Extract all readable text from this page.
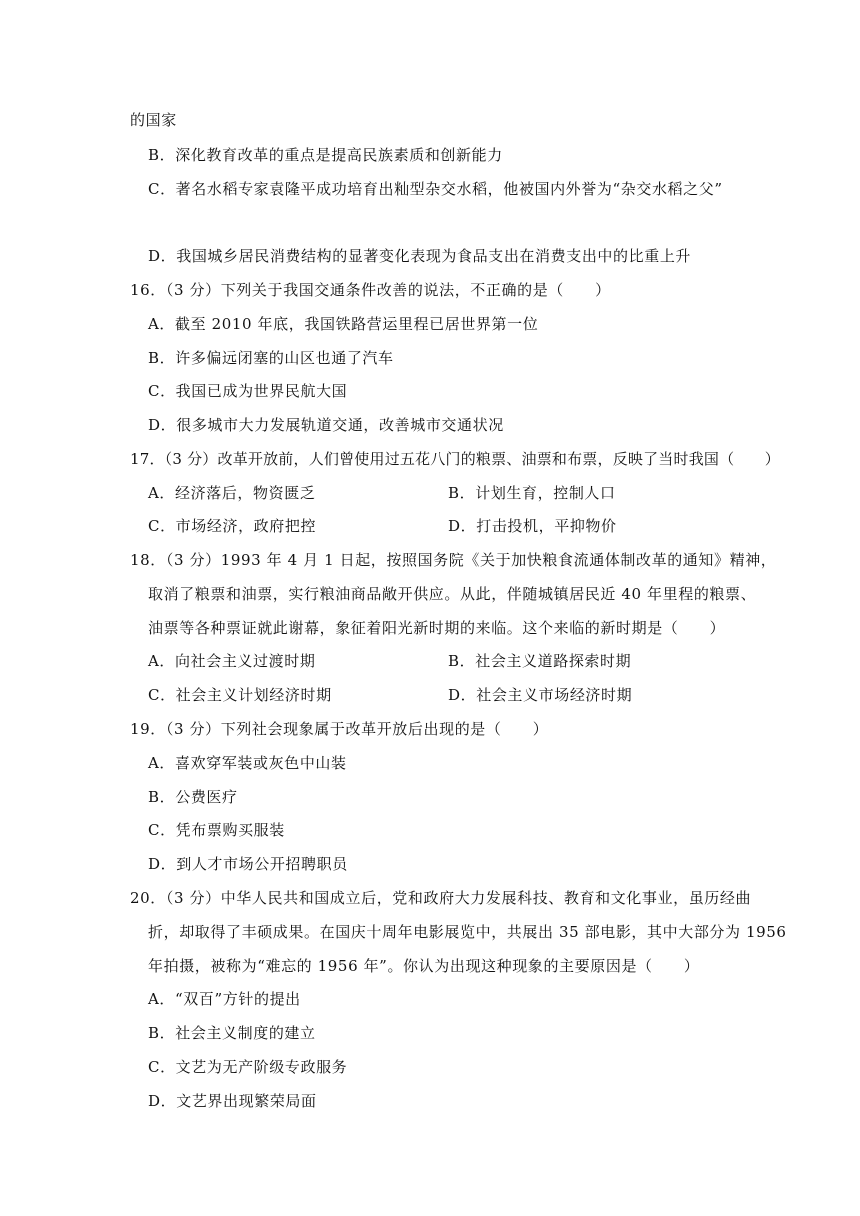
的国家
B．深化教育改革的重点是提高民族素质和创新能力
C．著名水稻专家袁隆平成功培育出籼型杂交水稻，他被国内外誉为“杂交水稻之父”
D．我国城乡居民消费结构的显著变化表现为食品支出在消费支出中的比重上升
16．（3 分）下列关于我国交通条件改善的说法，不正确的是（　　）
A．截至 2010 年底，我国铁路营运里程已居世界第一位
B．许多偏远闭塞的山区也通了汽车
C．我国已成为世界民航大国
D．很多城市大力发展轨道交通，改善城市交通状况
17．（3 分）改革开放前，人们曾使用过五花八门的粮票、油票和布票，反映了当时我国（　　）
A．经济落后，物资匮乏	B．计划生育，控制人口
C．市场经济，政府把控	D．打击投机，平抑物价
18．（3 分）1993 年 4 月 1 日起，按照国务院《关于加快粮食流通体制改革的通知》精神，
取消了粮票和油票，实行粮油商品敞开供应。从此，伴随城镇居民近 40 年里程的粮票、
油票等各种票证就此谢幕，象征着阳光新时期的来临。这个来临的新时期是（　　）
A．向社会主义过渡时期	B．社会主义道路探索时期
C．社会主义计划经济时期	D．社会主义市场经济时期
19．（3 分）下列社会现象属于改革开放后出现的是（　　）
A．喜欢穿军装或灰色中山装
B．公费医疗
C．凭布票购买服装
D．到人才市场公开招聘职员
20．（3 分）中华人民共和国成立后，党和政府大力发展科技、教育和文化事业，虽历经曲
折，却取得了丰硕成果。在国庆十周年电影展览中，共展出 35 部电影，其中大部分为 1956
年拍摄，被称为“难忘的 1956 年”。你认为出现这种现象的主要原因是（　　）
A．“双百”方针的提出
B．社会主义制度的建立
C．文艺为无产阶级专政服务
D．文艺界出现繁荣局面
